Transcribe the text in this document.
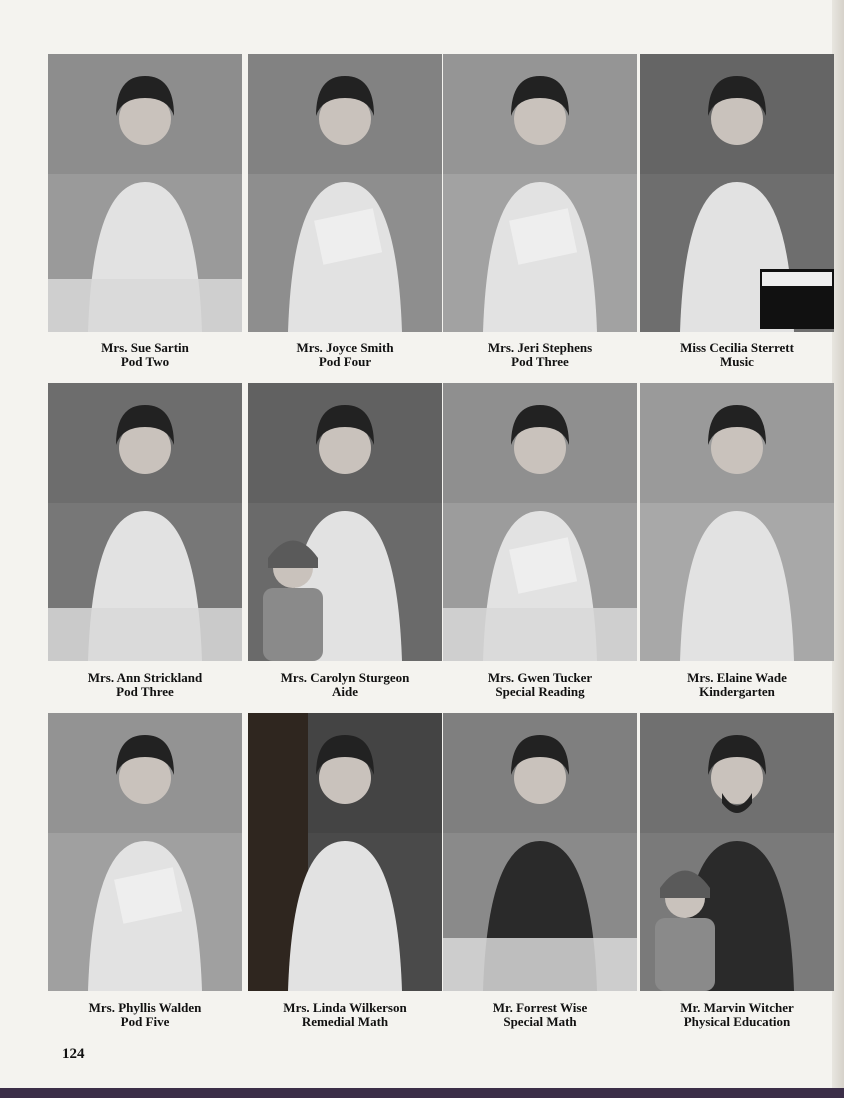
Mrs. Sue Sartin
Pod Two
Mrs. Joyce Smith
Pod Four
Mrs. Jeri Stephens
Pod Three
Miss Cecilia Sterrett
Music
Mrs. Ann Strickland
Pod Three
Mrs. Carolyn Sturgeon
Aide
Mrs. Gwen Tucker
Special Reading
Mrs. Elaine Wade
Kindergarten
Mrs. Phyllis Walden
Pod Five
Mrs. Linda Wilkerson
Remedial Math
Mr. Forrest Wise
Special Math
Mr. Marvin Witcher
Physical Education
124
